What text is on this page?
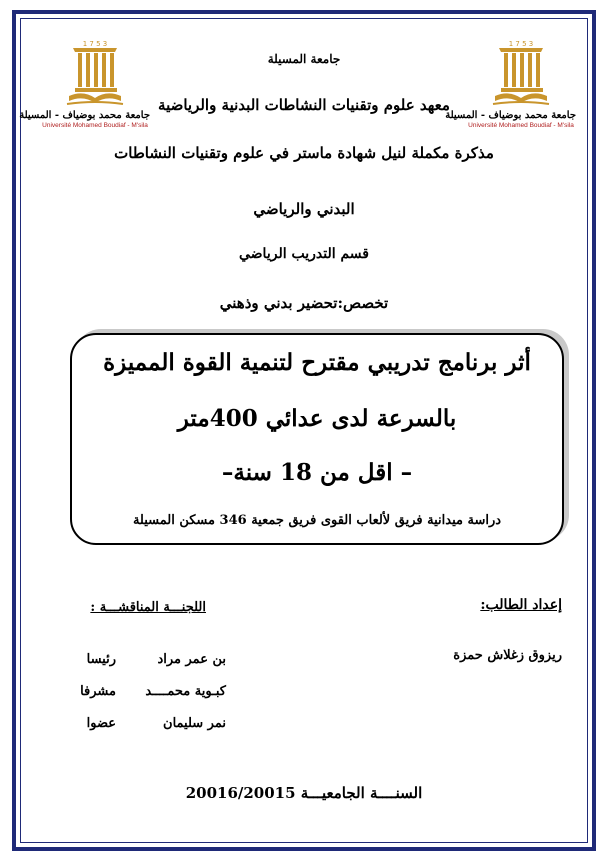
1 7 5 3
جامعة محمد بوضياف - المسيلة
Université Mohamed Boudiaf - M'sila
1 7 5 3
جامعة محمد بوضياف - المسيلة
Université Mohamed Boudiaf - M'sila
جامعة المسيلة
معهد علوم وتقنيات النشاطات البدنية والرياضية
مذكرة مكملة لنيل شهادة ماستر في علوم وتقنيات النشاطات
البدني والرياضي
قسم التدريب الرياضي
تخصص:تحضير بدني وذهني
أثر برنامج تدريبي مقترح لتنمية القوة المميزة
بالسرعة لدى عدائي 400متر
– اقل من 18 سنة–
دراسة ميدانية فريق لألعاب القوى فريق جمعية 346 مسكن المسيلة
إعداد الطالب:
ريزوق زغلاش حمزة
اللجنـــة المناقشـــة :
بن عمر مراد
رئيسا
كبـوية محمــــد
مشرفا
نمر سليمان
عضوا
السنــــة الجامعيـــة 20016/20015
